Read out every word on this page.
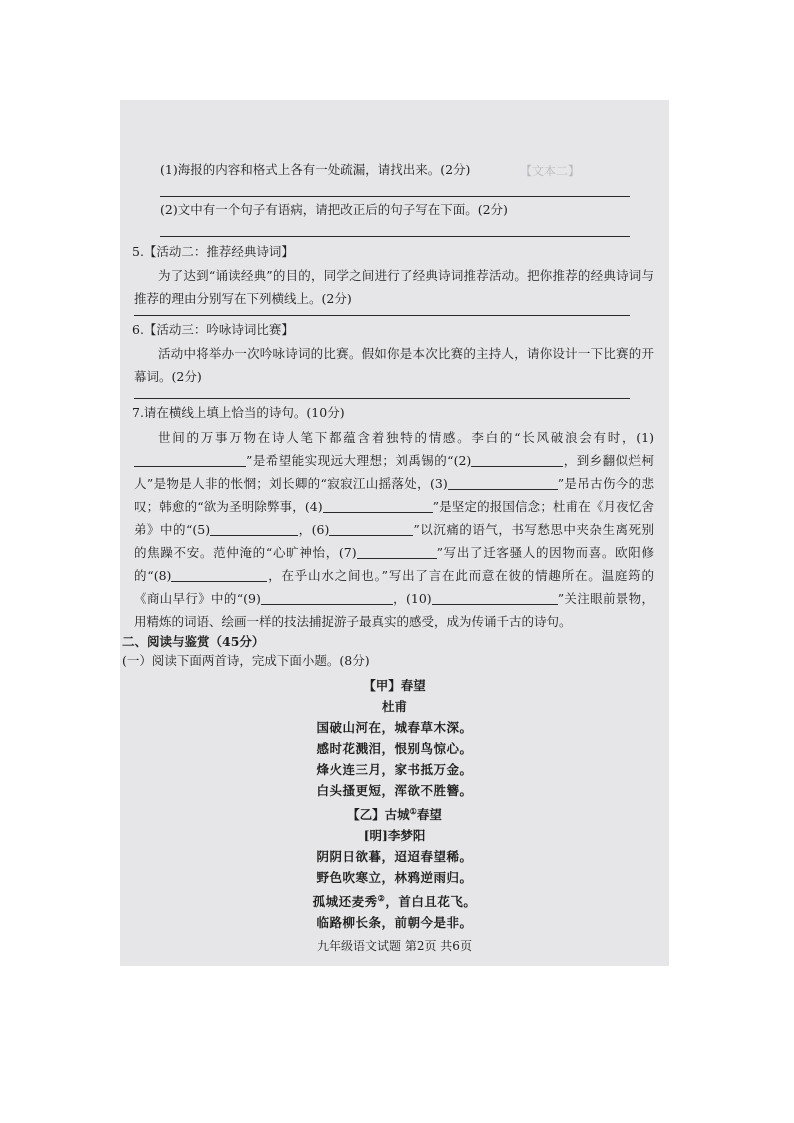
【文本二】
(1)海报的内容和格式上各有一处疏漏，请找出来。(2分)
(2)文中有一个句子有语病，请把改正后的句子写在下面。(2分)
5.【活动二：推荐经典诗词】
为了达到“诵读经典”的目的，同学之间进行了经典诗词推荐活动。把你推荐的经典诗词与推荐的理由分别写在下列横线上。(2分)
6.【活动三：吟咏诗词比赛】
活动中将举办一次吟咏诗词的比赛。假如你是本次比赛的主持人，请你设计一下比赛的开幕词。(2分)
7.请在横线上填上恰当的诗句。(10分)
世间的万事万物在诗人笔下都蕴含着独特的情感。李白的“长风破浪会有时，(1)”是希望能实现远大理想；刘禹锡的“(2)	，到乡翻似烂柯人”是物是人非的怅惘；刘长卿的“寂寂江山摇落处，(3)	”是吊古伤今的悲叹；韩愈的“欲为圣明除弊事，(4)	”是坚定的报国信念；杜甫在《月夜忆舍弟》中的“(5)	，(6)	”以沉痛的语气，书写愁思中夹杂生离死别的焦躁不安。范仲淹的“心旷神怡，(7)	”写出了迁客骚人的因物而喜。欧阳修的“(8)	，在乎山水之间也。”写出了言在此而意在彼的情趣所在。温庭筠的《商山早行》中的“(9)	，(10)	”关注眼前景物，用精炼的词语、绘画一样的技法捕捉游子最真实的感受，成为传诵千古的诗句。
二、阅读与鉴赏（45分）
(一）阅读下面两首诗，完成下面小题。(8分)
【甲】春望
杜甫
国破山河在，城春草木深。
感时花溅泪，恨别鸟惊心。
烽火连三月，家书抵万金。
白头搔更短，浑欲不胜簪。
【乙】古城①春望
[明]李梦阳
阴阴日欲暮，迢迢春望稀。
野色吹寒立，林鸦逆雨归。
孤城还麦秀②，首白且花飞。
临路柳长条，前朝今是非。
九年级语文试题 第2页 共6页
